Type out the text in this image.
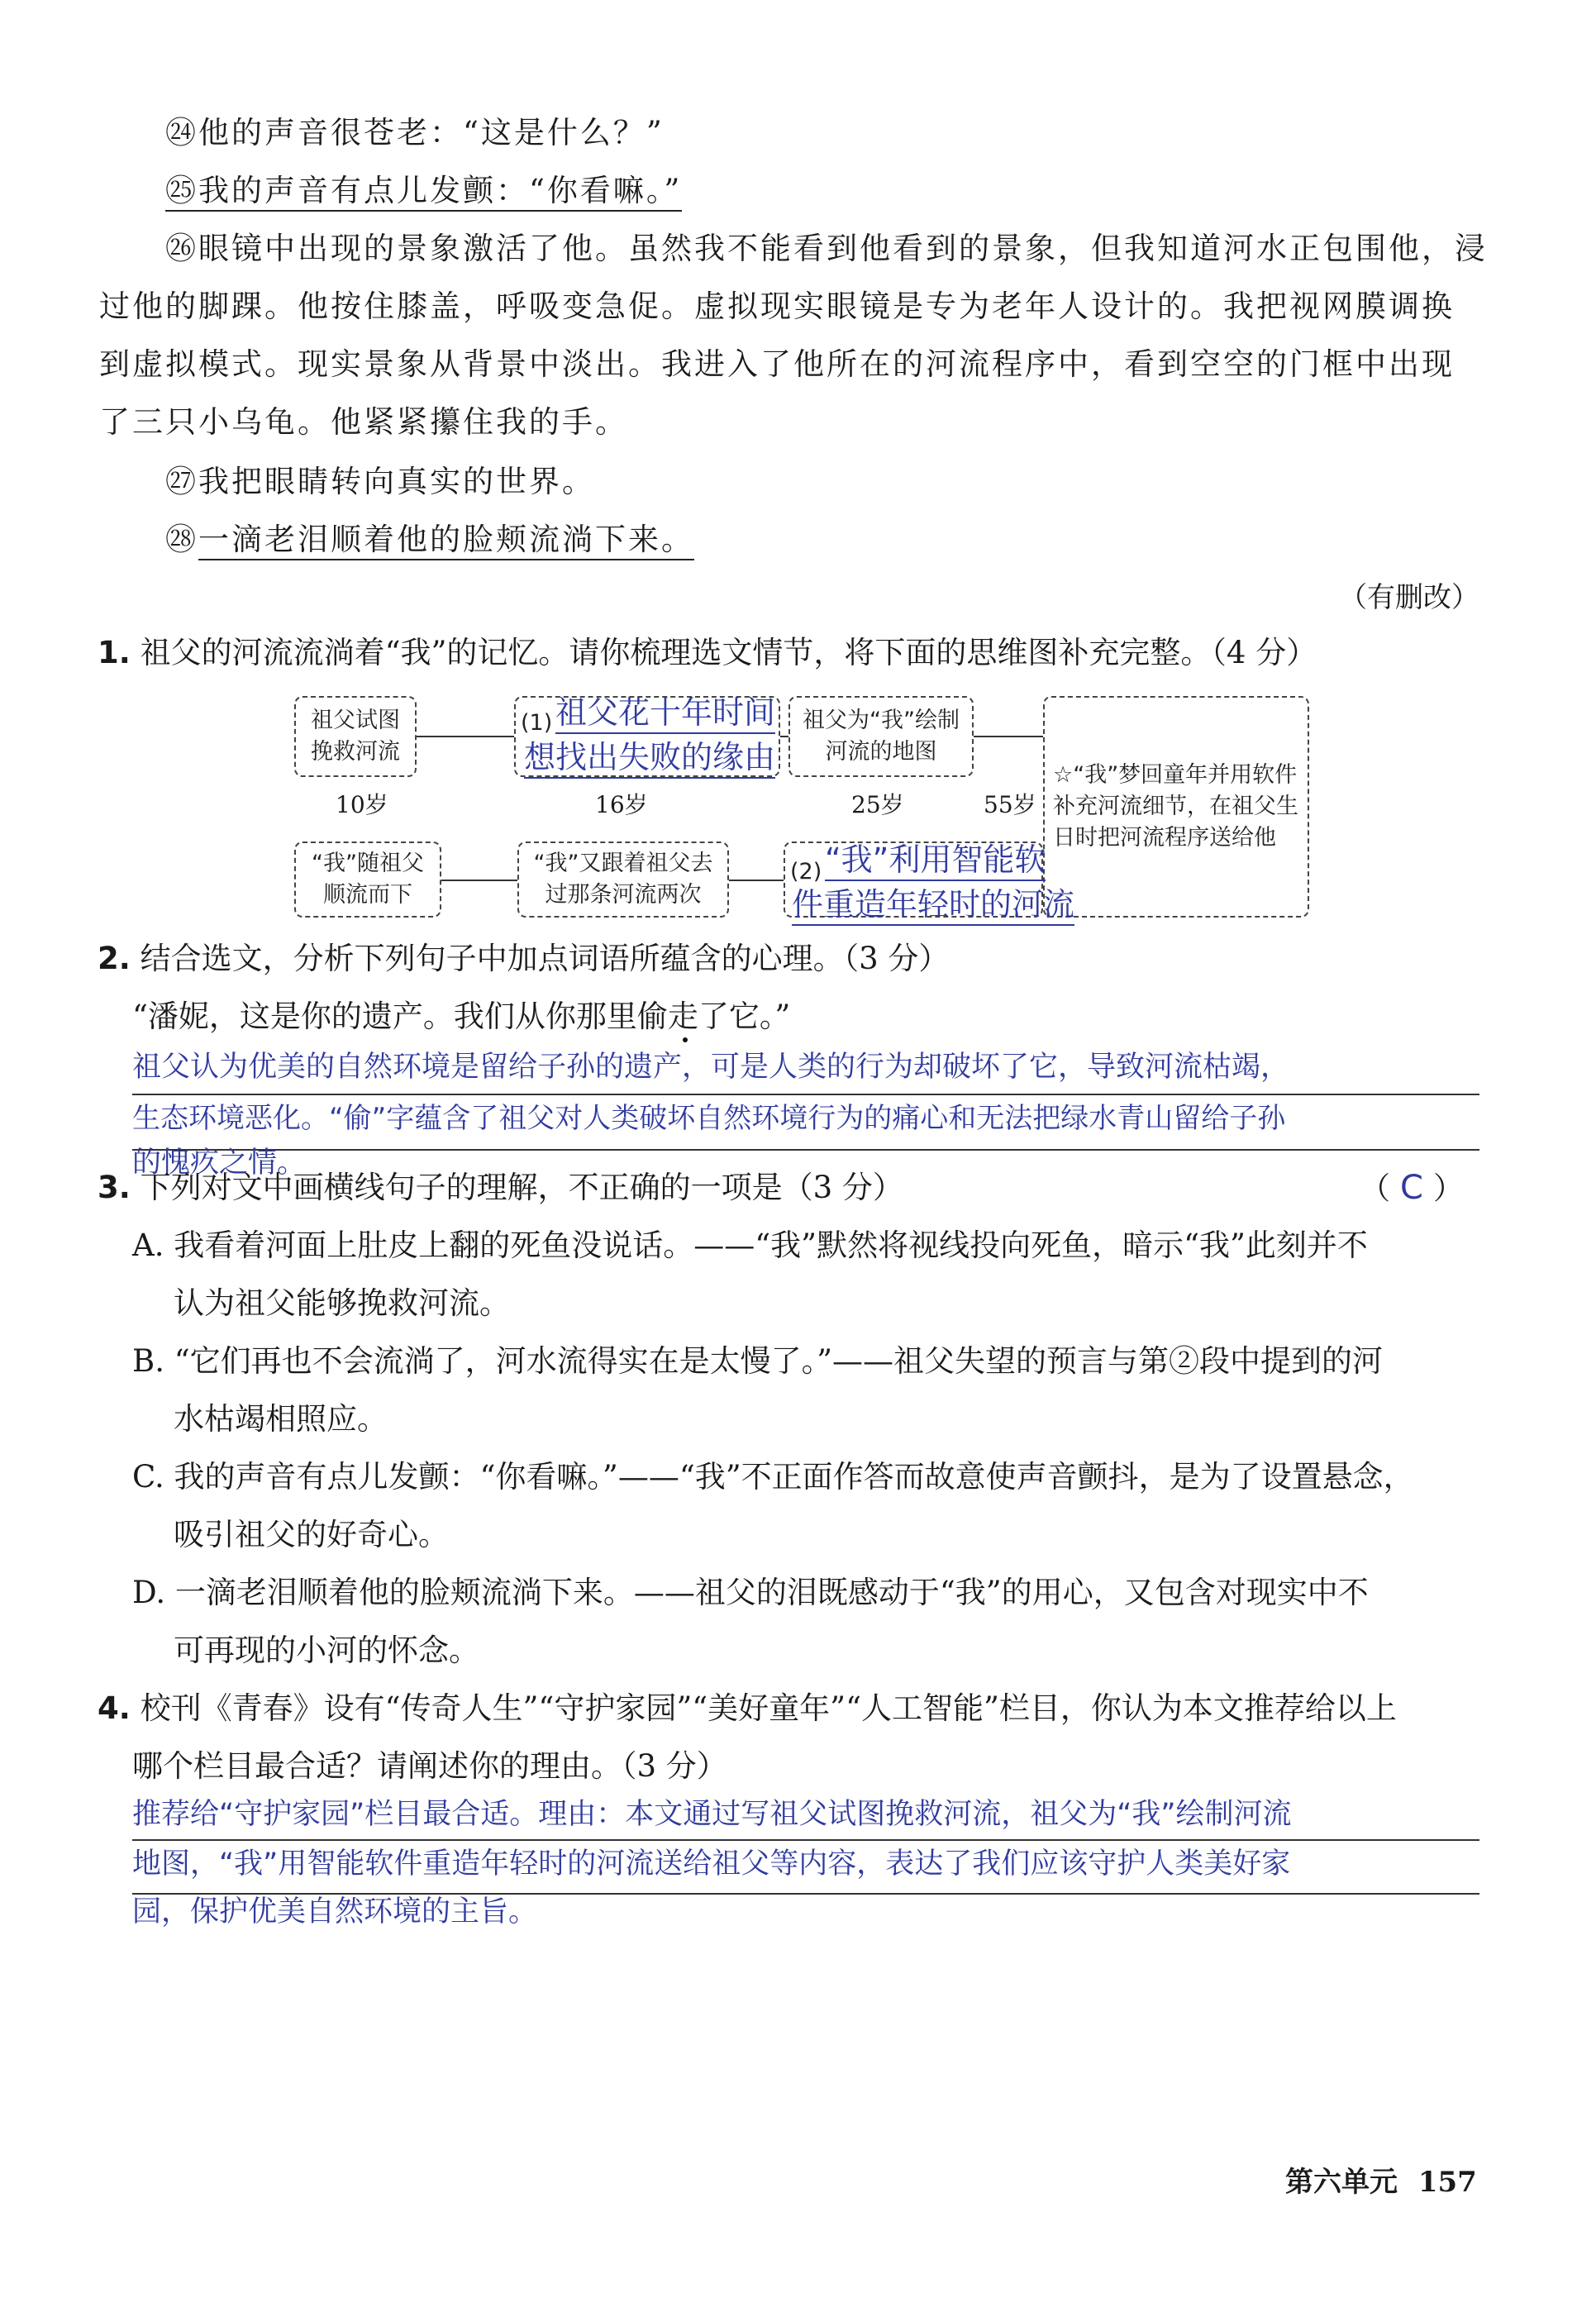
㉔他的声音很苍老：“这是什么？”
㉕我的声音有点儿发颤：“你看嘛。”
㉖眼镜中出现的景象激活了他。虽然我不能看到他看到的景象，但我知道河水正包围他，浸
过他的脚踝。他按住膝盖，呼吸变急促。虚拟现实眼镜是专为老年人设计的。我把视网膜调换
到虚拟模式。现实景象从背景中淡出。我进入了他所在的河流程序中，看到空空的门框中出现
了三只小乌龟。他紧紧攥住我的手。
㉗我把眼睛转向真实的世界。
㉘一滴老泪顺着他的脸颊流淌下来。
（有删改）
1. 祖父的河流流淌着“我”的记忆。请你梳理选文情节，将下面的思维图补充完整。（4 分）
祖父试图挽救河流
(1) 祖父花十年时间
想找出失败的缘由
祖父为“我”绘制河流的地图
☆“我”梦回童年并用软件补充河流细节，在祖父生日时把河流程序送给他
10岁	16岁	25岁	55岁
“我”随祖父顺流而下
“我”又跟着祖父去过那条河流两次
(2) “我”利用智能软
件重造年轻时的河流
2. 结合选文，分析下列句子中加点词语所蕴含的心理。（3 分）
“潘妮，这是你的遗产。我们从你那里偷走了它。”
祖父认为优美的自然环境是留给子孙的遗产，可是人类的行为却破坏了它，导致河流枯竭，
生态环境恶化。“偷”字蕴含了祖父对人类破坏自然环境行为的痛心和无法把绿水青山留给子孙
的愧疚之情。
3. 下列对文中画横线句子的理解，不正确的一项是（3 分）	（ C ）
A. 我看着河面上肚皮上翻的死鱼没说话。——“我”默然将视线投向死鱼，暗示“我”此刻并不
认为祖父能够挽救河流。
B. “它们再也不会流淌了，河水流得实在是太慢了。”——祖父失望的预言与第②段中提到的河
水枯竭相照应。
C. 我的声音有点儿发颤：“你看嘛。”——“我”不正面作答而故意使声音颤抖，是为了设置悬念，
吸引祖父的好奇心。
D. 一滴老泪顺着他的脸颊流淌下来。——祖父的泪既感动于“我”的用心，又包含对现实中不
可再现的小河的怀念。
4. 校刊《青春》设有“传奇人生”“守护家园”“美好童年”“人工智能”栏目，你认为本文推荐给以上
哪个栏目最合适？请阐述你的理由。（3 分）
推荐给“守护家园”栏目最合适。理由：本文通过写祖父试图挽救河流，祖父为“我”绘制河流
地图，“我”用智能软件重造年轻时的河流送给祖父等内容，表达了我们应该守护人类美好家
园，保护优美自然环境的主旨。
第六单元 157
